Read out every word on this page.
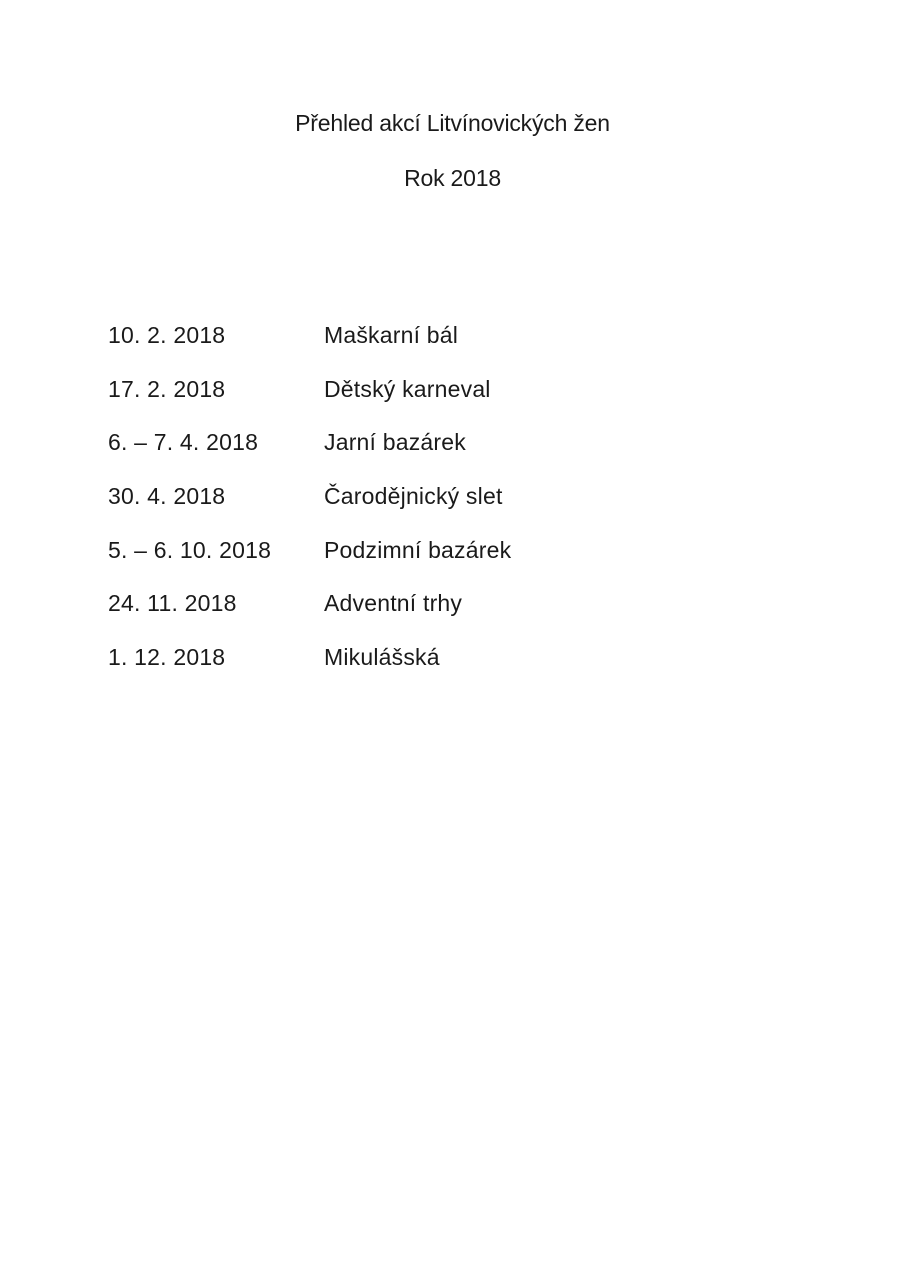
Přehled akcí Litvínovických žen
Rok 2018
10. 2. 2018	Maškarní bál
17. 2. 2018	Dětský karneval
6. – 7. 4. 2018	Jarní bazárek
30. 4. 2018	Čarodějnický slet
5. – 6. 10. 2018 Podzimní bazárek
24. 11. 2018	Adventní trhy
1. 12. 2018	Mikulášská
